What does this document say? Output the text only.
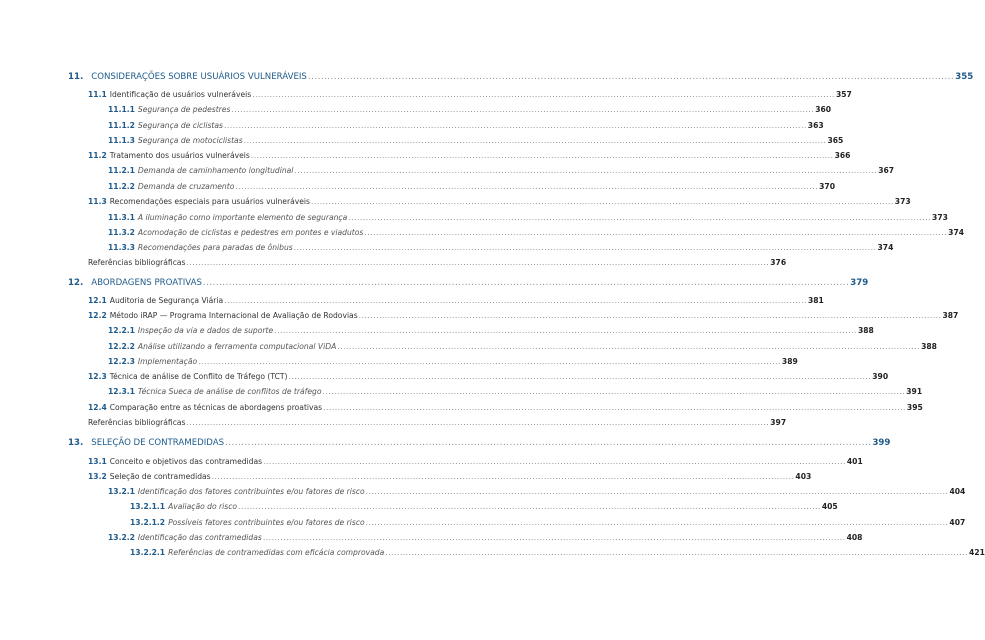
11. CONSIDERAÇÕES SOBRE USUÁRIOS VULNERÁVEIS .....	355
11.1 Identificação de usuários vulneráveis .....	357
11.1.1 Segurança de pedestres .....	360
11.1.2 Segurança de ciclistas .....	363
11.1.3 Segurança de motociclistas .....	365
11.2 Tratamento dos usuários vulneráveis .....	366
11.2.1 Demanda de caminhamento longitudinal .....	367
11.2.2 Demanda de cruzamento .....	370
11.3 Recomendações especiais para usuários vulneráveis .....	373
11.3.1 A iluminação como importante elemento de segurança .....	373
11.3.2 Acomodação de ciclistas e pedestres em pontes e viadutos .....	374
11.3.3 Recomendações para paradas de ônibus .....	374
Referências bibliográficas .....	376
12. ABORDAGENS PROATIVAS .....	379
12.1 Auditoria de Segurança Viária .....	381
12.2 Método iRAP — Programa Internacional de Avaliação de Rodovias .....	387
12.2.1 Inspeção da via e dados de suporte .....	388
12.2.2 Análise utilizando a ferramenta computacional ViDA .....	388
12.2.3 Implementação .....	389
12.3 Técnica de análise de Conflito de Tráfego (TCT) .....	390
12.3.1 Técnica Sueca de análise de conflitos de tráfego .....	391
12.4 Comparação entre as técnicas de abordagens proativas .....	395
Referências bibliográficas .....	397
13. SELEÇÃO DE CONTRAMEDIDAS .....	399
13.1 Conceito e objetivos das contramedidas .....	401
13.2 Seleção de contramedidas .....	403
13.2.1 Identificação dos fatores contribuintes e/ou fatores de risco .....	404
13.2.1.1 Avaliação do risco .....	405
13.2.1.2 Possíveis fatores contribuintes e/ou fatores de risco .....	407
13.2.2 Identificação das contramedidas .....	408
13.2.2.1 Referências de contramedidas com eficácia comprovada .....	421
